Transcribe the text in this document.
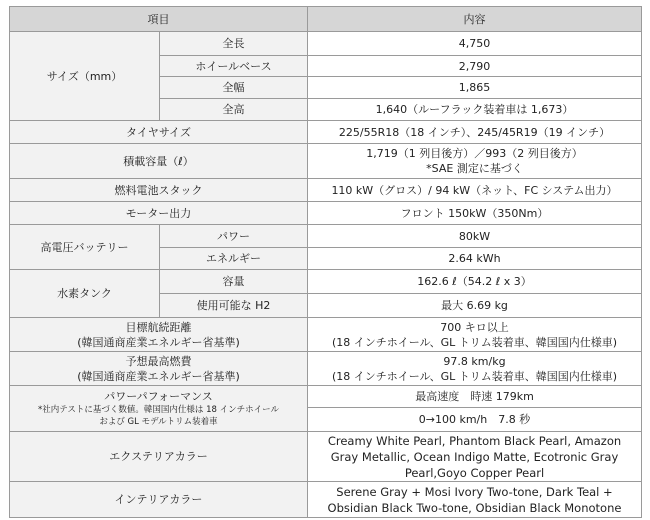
項目		内容
サイズ（mm）	全長	4,750
	ホイールベース	2,790
	全幅	1,865
	全高	1,640（ルーフラック装着車は 1,673）
タイヤサイズ		225/55R18（18 インチ）、245/45R19（19 インチ）
積載容量（ℓ）		1,719（1 列目後方）／993（2 列目後方）
*SAE 測定に基づく

燃料電池スタック		110 kW（グロス）/ 94 kW（ネット、FC システム出力）
モーター出力		フロント 150kW（350Nm）
高電圧バッテリー	パワー	80kW
	エネルギー	2.64 kWh
水素タンク	容量	162.6 ℓ（54.2 ℓ x 3）
	使用可能な H2	最大 6.69 kg

目標航続距離
(韓国通商産業エネルギー省基準)		700 キロ以上
(18 インチホイール、GL トリム装着車、韓国国内仕様車)

予想最高燃費
(韓国通商産業エネルギー省基準)		97.8 km/kg
(18 インチホイール、GL トリム装着車、韓国国内仕様車)

パワーパフォーマンス
*社内テストに基づく数値。韓国国内仕様は 18 インチホイール
および GL モデルトリム装着車		最高速度　時速 179km
		0→100 km/h　7.8 秒
エクステリアカラー		Creamy White Pearl, Phantom Black Pearl, Amazon
Gray Metallic, Ocean Indigo Matte, Ecotronic Gray
Pearl,Goyo Copper Pearl

インテリアカラー		Serene Gray + Mosi Ivory Two-tone, Dark Teal +
Obsidian Black Two-tone, Obsidian Black Monotone
